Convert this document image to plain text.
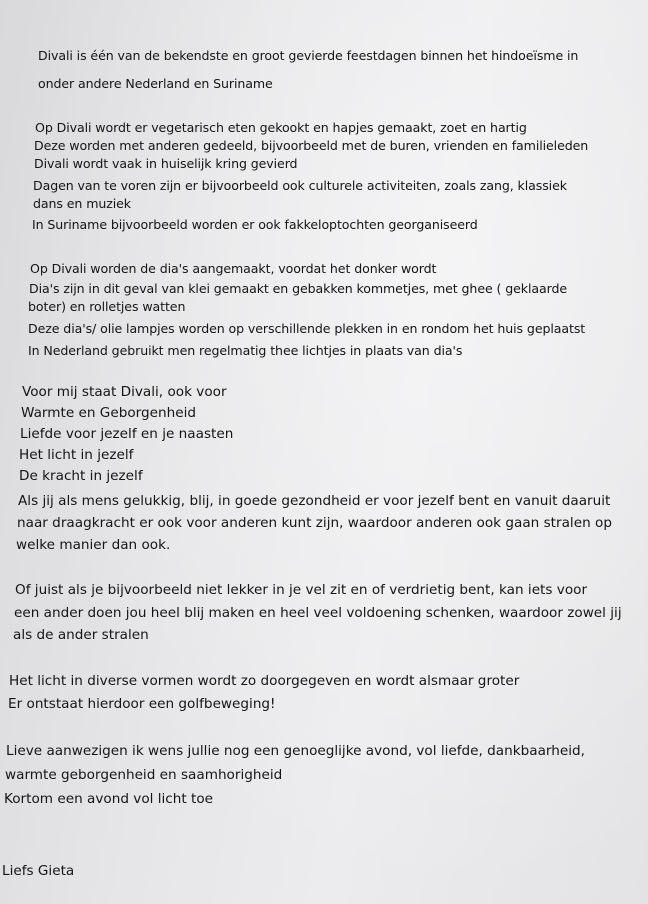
Divali is één van de bekendste en groot gevierde feestdagen binnen het hindoeïsme in
onder andere Nederland en Suriname
Op Divali wordt er vegetarisch eten gekookt en hapjes gemaakt, zoet en hartig
Deze worden met anderen gedeeld, bijvoorbeeld met de buren, vrienden en familieleden
Divali wordt vaak in huiselijk kring gevierd
Dagen van te voren zijn er bijvoorbeeld ook culturele activiteiten, zoals zang, klassiek
dans en muziek
In Suriname bijvoorbeeld worden er ook fakkeloptochten georganiseerd
Op Divali worden de dia's aangemaakt, voordat het donker wordt
Dia's zijn in dit geval van klei gemaakt en gebakken kommetjes, met ghee ( geklaarde
boter) en rolletjes watten
Deze dia's/ olie lampjes worden op verschillende plekken in en rondom het huis geplaatst
In Nederland gebruikt men regelmatig thee lichtjes in plaats van dia's
Voor mij staat Divali, ook voor
Warmte en Geborgenheid
Liefde voor jezelf en je naasten
Het licht in jezelf
De kracht in jezelf
Als jij als mens gelukkig, blij, in goede gezondheid er voor jezelf bent en vanuit daaruit
naar draagkracht er ook voor anderen kunt zijn, waardoor anderen ook gaan stralen op
welke manier dan ook.
Of juist als je bijvoorbeeld niet lekker in je vel zit en of verdrietig bent, kan iets voor
een ander doen jou heel blij maken en heel veel voldoening schenken, waardoor zowel jij
als de ander stralen
Het licht in diverse vormen wordt zo doorgegeven en wordt alsmaar groter
Er ontstaat hierdoor een golfbeweging!
Lieve aanwezigen ik wens jullie nog een genoeglijke avond, vol liefde, dankbaarheid,
warmte geborgenheid en saamhorigheid
Kortom een avond vol licht toe
Liefs Gieta
